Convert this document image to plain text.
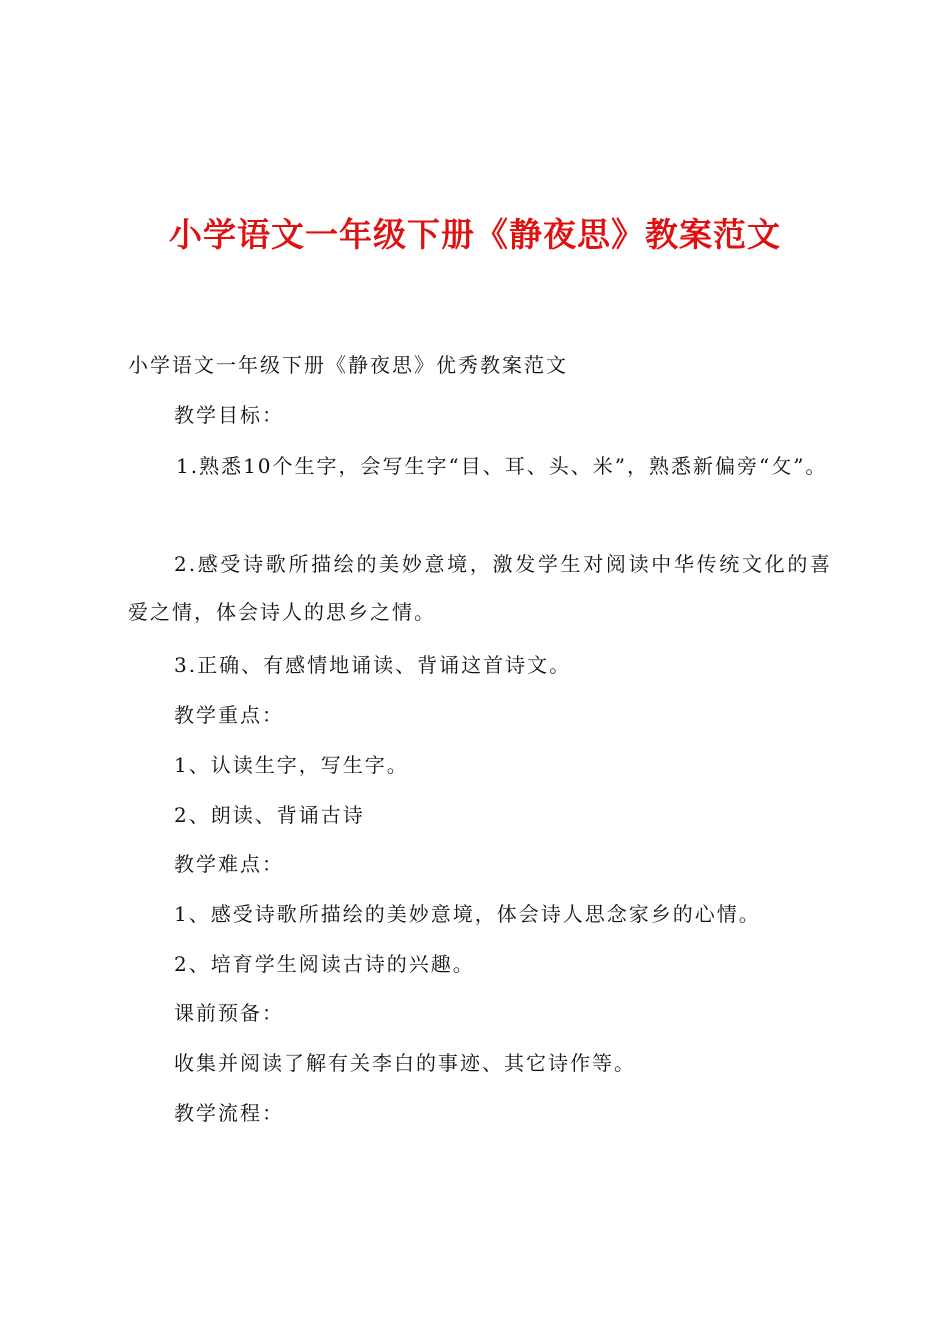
小学语文一年级下册《静夜思》教案范文

小学语文一年级下册《静夜思》优秀教案范文

教学目标：

1.熟悉10个生字，会写生字“目、耳、头、米”，熟悉新偏旁“攵”。

2.感受诗歌所描绘的美妙意境，激发学生对阅读中华传统文化的喜爱之情，体会诗人的思乡之情。

3.正确、有感情地诵读、背诵这首诗文。

教学重点：

1、认读生字，写生字。

2、朗读、背诵古诗

教学难点：

1、感受诗歌所描绘的美妙意境，体会诗人思念家乡的心情。

2、培育学生阅读古诗的兴趣。

课前预备：

收集并阅读了解有关李白的事迹、其它诗作等。

教学流程：
